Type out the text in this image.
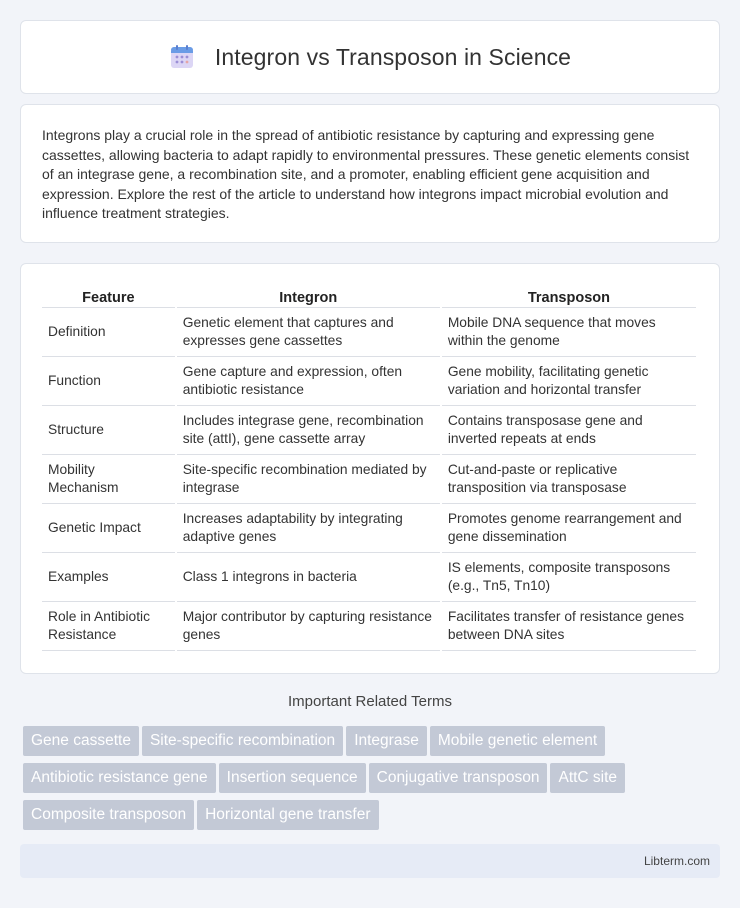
Integron vs Transposon in Science

Integrons play a crucial role in the spread of antibiotic resistance by capturing and expressing gene cassettes, allowing bacteria to adapt rapidly to environmental pressures. These genetic elements consist of an integrase gene, a recombination site, and a promoter, enabling efficient gene acquisition and expression. Explore the rest of the article to understand how integrons impact microbial evolution and influence treatment strategies.

Feature	Integron	Transposon
Definition	Genetic element that captures and expresses gene cassettes	Mobile DNA sequence that moves within the genome
Function	Gene capture and expression, often antibiotic resistance	Gene mobility, facilitating genetic variation and horizontal transfer
Structure	Includes integrase gene, recombination site (attI), gene cassette array	Contains transposase gene and inverted repeats at ends
Mobility Mechanism	Site-specific recombination mediated by integrase	Cut-and-paste or replicative transposition via transposase
Genetic Impact	Increases adaptability by integrating adaptive genes	Promotes genome rearrangement and gene dissemination
Examples	Class 1 integrons in bacteria	IS elements, composite transposons (e.g., Tn5, Tn10)
Role in Antibiotic Resistance	Major contributor by capturing resistance genes	Facilitates transfer of resistance genes between DNA sites
Important Related Terms
Gene cassette Site-specific recombination Integrase Mobile genetic element
Antibiotic resistance gene Insertion sequence Conjugative transposon AttC site
Composite transposon Horizontal gene transfer
Libterm.com
